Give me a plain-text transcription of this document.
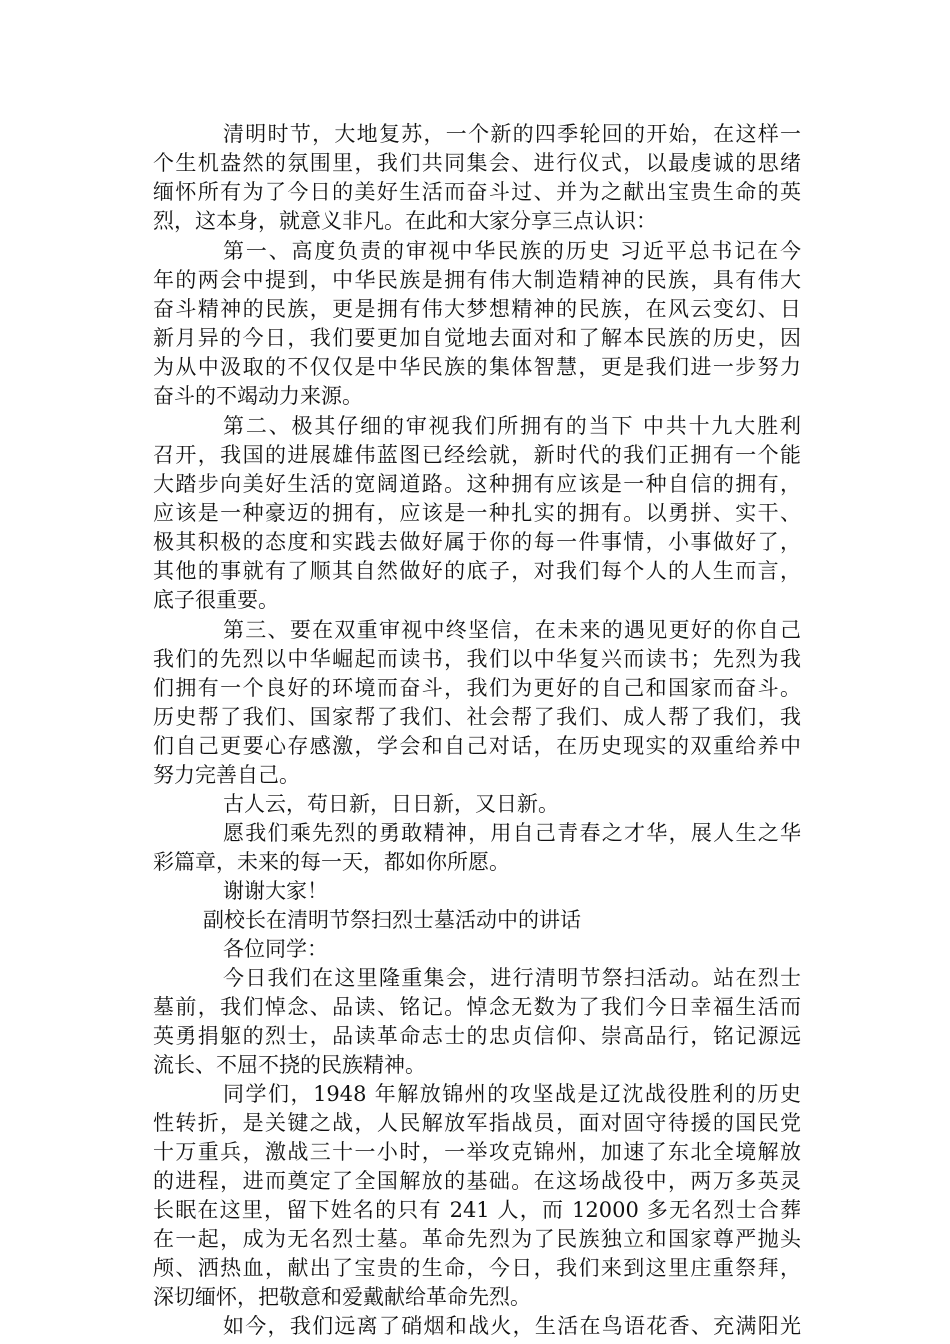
清明时节，大地复苏，一个新的四季轮回的开始，在这样一
个生机盎然的氛围里，我们共同集会、进行仪式，以最虔诚的思绪
缅怀所有为了今日的美好生活而奋斗过、并为之献出宝贵生命的英
烈，这本身，就意义非凡。在此和大家分享三点认识：
第一、高度负责的审视中华民族的历史 习近平总书记在今
年的两会中提到，中华民族是拥有伟大制造精神的民族，具有伟大
奋斗精神的民族，更是拥有伟大梦想精神的民族，在风云变幻、日
新月异的今日，我们要更加自觉地去面对和了解本民族的历史，因
为从中汲取的不仅仅是中华民族的集体智慧，更是我们进一步努力
奋斗的不竭动力来源。
第二、极其仔细的审视我们所拥有的当下 中共十九大胜利
召开，我国的进展雄伟蓝图已经绘就，新时代的我们正拥有一个能
大踏步向美好生活的宽阔道路。这种拥有应该是一种自信的拥有，
应该是一种豪迈的拥有，应该是一种扎实的拥有。以勇拼、实干、
极其积极的态度和实践去做好属于你的每一件事情，小事做好了，
其他的事就有了顺其自然做好的底子，对我们每个人的人生而言，
底子很重要。
第三、要在双重审视中终坚信，在未来的遇见更好的你自己
我们的先烈以中华崛起而读书，我们以中华复兴而读书；先烈为我
们拥有一个良好的环境而奋斗，我们为更好的自己和国家而奋斗。
历史帮了我们、国家帮了我们、社会帮了我们、成人帮了我们，我
们自己更要心存感激，学会和自己对话，在历史现实的双重给养中
努力完善自己。
古人云，苟日新，日日新，又日新。
愿我们乘先烈的勇敢精神，用自己青春之才华，展人生之华
彩篇章，未来的每一天，都如你所愿。
谢谢大家！
副校长在清明节祭扫烈士墓活动中的讲话
各位同学：
今日我们在这里隆重集会，进行清明节祭扫活动。站在烈士
墓前，我们悼念、品读、铭记。悼念无数为了我们今日幸福生活而
英勇捐躯的烈士，品读革命志士的忠贞信仰、崇高品行，铭记源远
流长、不屈不挠的民族精神。
同学们，1948 年解放锦州的攻坚战是辽沈战役胜利的历史
性转折，是关键之战，人民解放军指战员，面对固守待援的国民党
十万重兵，激战三十一小时，一举攻克锦州，加速了东北全境解放
的进程，进而奠定了全国解放的基础。在这场战役中，两万多英灵
长眠在这里，留下姓名的只有 241 人，而 12000 多无名烈士合葬
在一起，成为无名烈士墓。革命先烈为了民族独立和国家尊严抛头
颅、洒热血，献出了宝贵的生命，今日，我们来到这里庄重祭拜，
深切缅怀，把敬意和爱戴献给革命先烈。
如今，我们远离了硝烟和战火，生活在鸟语花香、充满阳光
